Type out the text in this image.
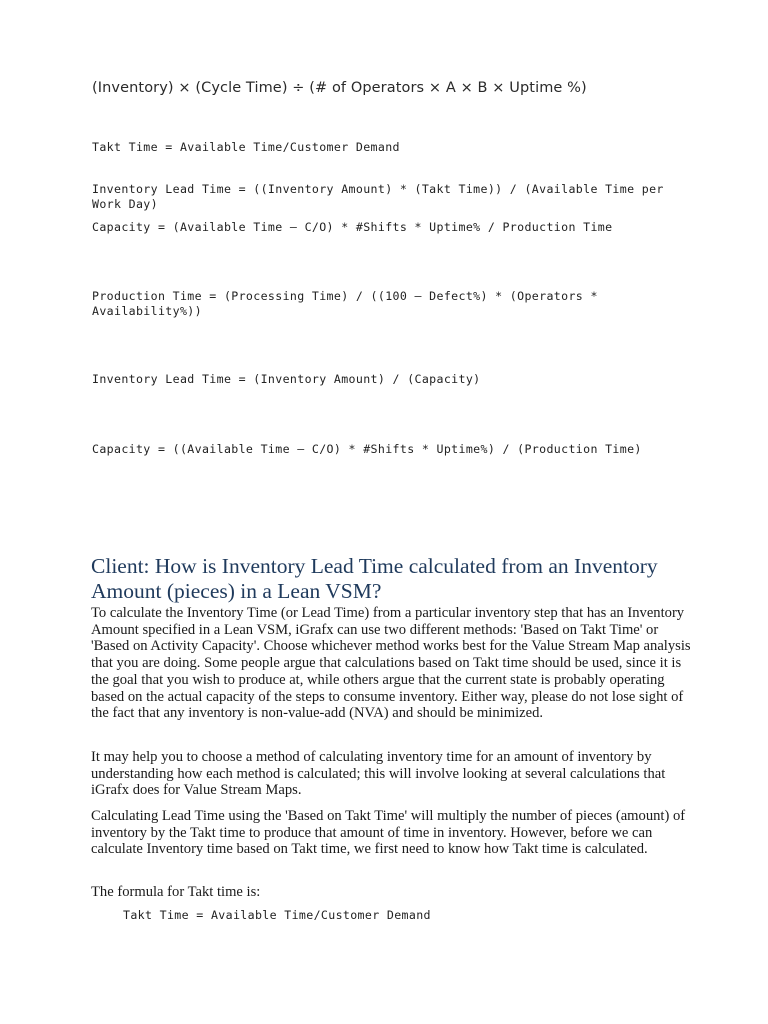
(Inventory) × (Cycle Time) ÷ (# of Operators × A × B × Uptime %)
Takt Time = Available Time/Customer Demand
Inventory Lead Time = ((Inventory Amount) * (Takt Time)) / (Available Time per Work Day)
Capacity = (Available Time – C/O) * #Shifts * Uptime% / Production Time
Production Time = (Processing Time) / ((100 – Defect%) * (Operators * Availability%))
Inventory Lead Time = (Inventory Amount) / (Capacity)
Capacity = ((Available Time – C/O) * #Shifts * Uptime%) / (Production Time)
Client: How is Inventory Lead Time calculated from an Inventory Amount (pieces) in a Lean VSM?

To calculate the Inventory Time (or Lead Time) from a particular inventory step that has an Inventory Amount specified in a Lean VSM, iGrafx can use two different methods: 'Based on Takt Time' or 'Based on Activity Capacity'. Choose whichever method works best for the Value Stream Map analysis that you are doing. Some people argue that calculations based on Takt time should be used, since it is the goal that you wish to produce at, while others argue that the current state is probably operating based on the actual capacity of the steps to consume inventory. Either way, please do not lose sight of the fact that any inventory is non-value-add (NVA) and should be minimized.

It may help you to choose a method of calculating inventory time for an amount of inventory by understanding how each method is calculated; this will involve looking at several calculations that iGrafx does for Value Stream Maps.

Calculating Lead Time using the 'Based on Takt Time' will multiply the number of pieces (amount) of inventory by the Takt time to produce that amount of time in inventory. However, before we can calculate Inventory time based on Takt time, we first need to know how Takt time is calculated.

The formula for Takt time is:

Takt Time = Available Time/Customer Demand
